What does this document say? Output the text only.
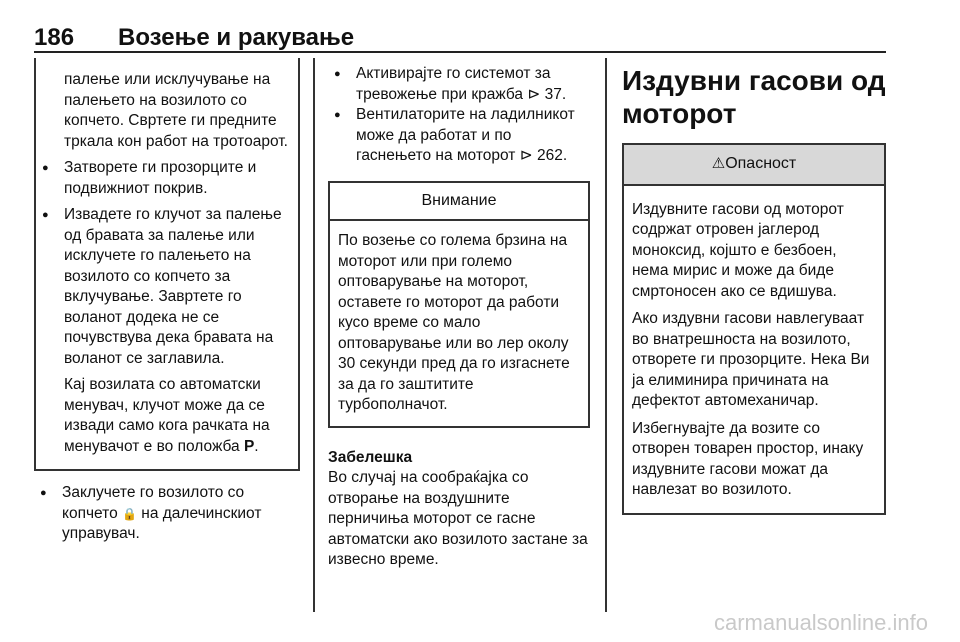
186 Возење и ракување

палење или исклучување на палењето на возилото со копчето. Свртете ги предните тркала кон работ на тротоарот.

● Затворете ги прозорците и подвижниот покрив.

● Извадете го клучот за палење од бравата за палење или исклучете го палењето на возилото со копчето за вклучување. Завртете го воланот додека не се почувствува дека бравата на воланот се заглавила.

Кај возилата со автоматски менувач, клучот може да се извади само кога рачката на менувачот е во положба P.

● Заклучете го возилото со копчето 🔒 на далечинскиот управувач.

● Активирајте го системот за тревожење при кражба ⊳ 37.

● Вентилаторите на ладилникот може да работат и по гаснењето на моторот ⊳ 262.

Внимание
По возење со голема брзина на моторот или при големо оптоварување на моторот, оставете го моторот да работи кусо време со мало оптоварување или во лер околу 30 секунди пред да го изгаснете за да го заштитите турбополначот.

Забелешка

Во случај на сообраќајка со отворање на воздушните перничиња моторот се гасне автоматски ако возилото застане за извесно време.

Издувни гасови од моторот
⚠Опасност

Издувните гасови од моторот содржат отровен јаглерод моноксид, којшто е безбоен, нема мирис и може да биде смртоносен ако се вдишува.

Ако издувни гасови навлегуваат во внатрешноста на возилото, отворете ги прозорците. Нека Ви ја елиминира причината на дефектот автомеханичар.

Избегнувајте да возите со отворен товарен простор, инаку издувните гасови можат да навлезат во возилото.

carmanualsonline.info
